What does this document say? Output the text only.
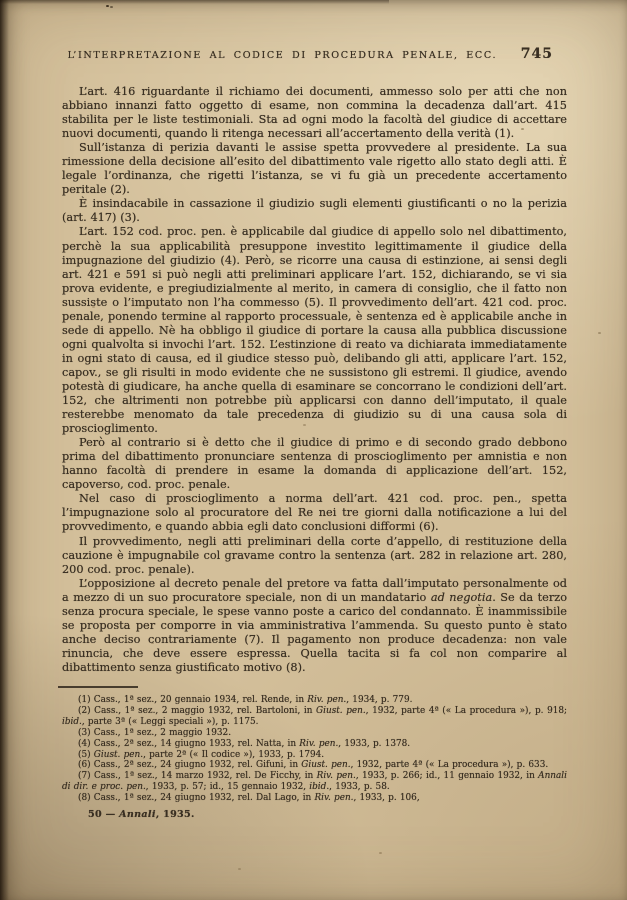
L’INTERPRETAZIONE AL CODICE DI PROCEDURA PENALE, ECC.	745

L’art. 416 riguardante il richiamo dei documenti, ammesso solo per atti che non abbiano innanzi fatto oggetto di esame, non commina la decadenza dall’art. 415 stabilita per le liste testimoniali. Sta ad ogni modo la facoltà del giudice di accettare nuovi documenti, quando li ritenga necessari all’accertamento della verità (1).

Sull’istanza di perizia davanti le assise spetta provvedere al presidente. La sua rimessione della decisione all’esito del dibattimento vale rigetto allo stato degli atti. È legale l’ordinanza, che rigetti l’istanza, se vi fu già un precedente accertamento peritale (2).

È insindacabile in cassazione il giudizio sugli elementi giustificanti o no la perizia (art. 417) (3).

L’art. 152 cod. proc. pen. è applicabile dal giudice di appello solo nel dibattimento, perchè la sua applicabilità presuppone investito legittimamente il giudice della impugnazione del giudizio (4). Però, se ricorre una causa di estinzione, ai sensi degli art. 421 e 591 si può negli atti preliminari applicare l’art. 152, dichiarando, se vi sia prova evidente, e pregiudizialmente al merito, in camera di consiglio, che il fatto non sussiste o l’imputato non l’ha commesso (5). Il provvedimento dell’art. 421 cod. proc. penale, ponendo termine al rapporto processuale, è sentenza ed è applicabile anche in sede di appello. Nè ha obbligo il giudice di portare la causa alla pubblica discussione ogni qualvolta si invochi l’art. 152. L’estinzione di reato va dichiarata immediatamente in ogni stato di causa, ed il giudice stesso può, delibando gli atti, applicare l’art. 152, capov., se gli risulti in modo evidente che ne sussistono gli estremi. Il giudice, avendo potestà di giudicare, ha anche quella di esaminare se concorrano le condizioni dell’art. 152, che altrimenti non potrebbe più applicarsi con danno dell’imputato, il quale resterebbe menomato da tale precedenza di giudizio su di una causa sola di proscioglimento.

Però al contrario si è detto che il giudice di primo e di secondo grado debbono prima del dibattimento pronunciare sentenza di proscioglimento per amnistia e non hanno facoltà di prendere in esame la domanda di applicazione dell’art. 152, capoverso, cod. proc. penale.

Nel caso di proscioglimento a norma dell’art. 421 cod. proc. pen., spetta l’impugnazione solo al procuratore del Re nei tre giorni dalla notificazione a lui del provvedimento, e quando abbia egli dato conclusioni difformi (6).

Il provvedimento, negli atti preliminari della corte d’appello, di restituzione della cauzione è impugnabile col gravame contro la sentenza (art. 282 in relazione art. 280, 200 cod. proc. penale).

L’opposizione al decreto penale del pretore va fatta dall’imputato personalmente od a mezzo di un suo procuratore speciale, non di un mandatario ad negotia. Se da terzo senza procura speciale, le spese vanno poste a carico del condannato. È inammissibile se proposta per comporre in via amministrativa l’ammenda. Su questo punto è stato anche deciso contrariamente (7). Il pagamento non produce decadenza: non vale rinuncia, che deve essere espressa. Quella tacita si fa col non comparire al dibattimento senza giustificato motivo (8).

(1) Cass., 1ª sez., 20 gennaio 1934, rel. Rende, in Riv. pen., 1934, p. 779.

(2) Cass., 1ª sez., 2 maggio 1932, rel. Bartoloni, in Giust. pen., 1932, parte 4ª (« La procedura »), p. 918; ibid., parte 3ª (« Leggi speciali »), p. 1175.

(3) Cass., 1ª sez., 2 maggio 1932.

(4) Cass., 2ª sez., 14 giugno 1933, rel. Natta, in Riv. pen., 1933, p. 1378.

(5) Giust. pen., parte 2ª (« Il codice »), 1933, p. 1794.

(6) Cass., 2ª sez., 24 giugno 1932, rel. Gifuni, in Giust. pen., 1932, parte 4ª (« La procedura »), p. 633.

(7) Cass., 1ª sez., 14 marzo 1932, rel. De Ficchy, in Riv. pen., 1933, p. 266; id., 11 gennaio 1932, in Annali di dir. e proc. pen., 1933, p. 57; id., 15 gennaio 1932, ibid., 1933, p. 58.

(8) Cass., 1ª sez., 24 giugno 1932, rel. Dal Lago, in Riv. pen., 1933, p. 106,

50 — Annali, 1935.
